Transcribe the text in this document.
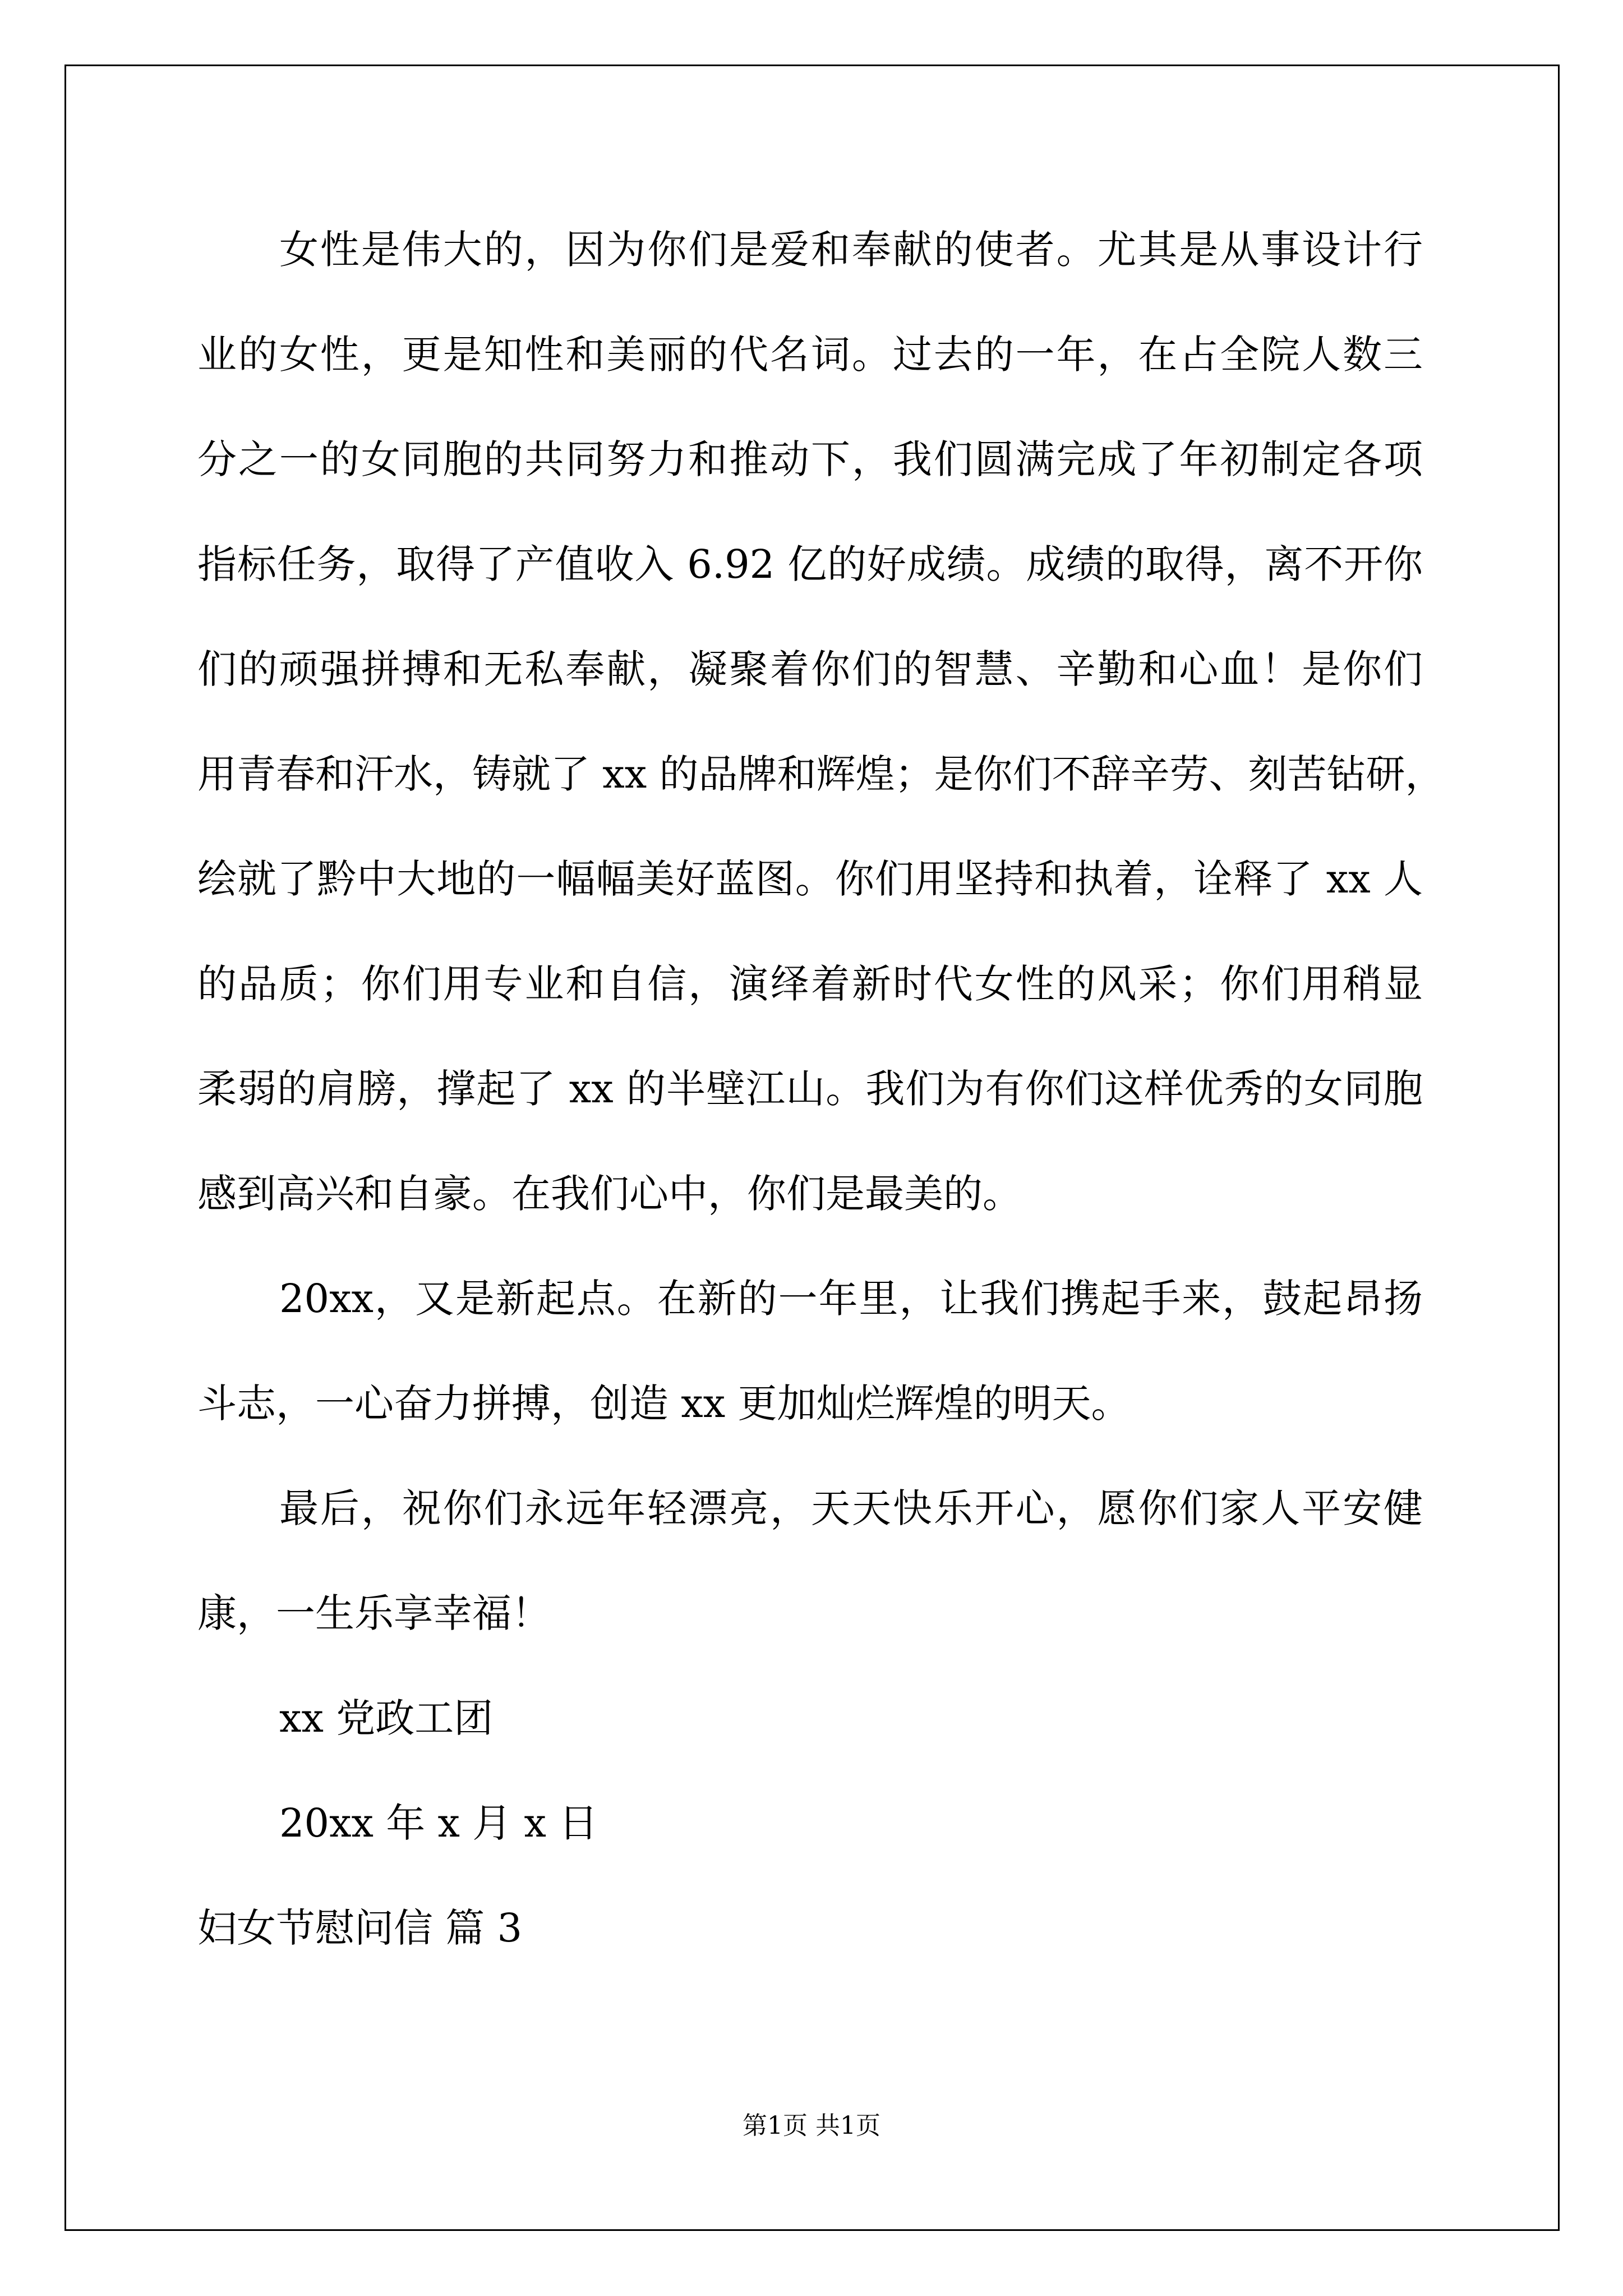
女性是伟大的，因为你们是爱和奉献的使者。尤其是从事设计行
业的女性，更是知性和美丽的代名词。过去的一年，在占全院人数三
分之一的女同胞的共同努力和推动下，我们圆满完成了年初制定各项
指标任务，取得了产值收入 6.92 亿的好成绩。成绩的取得，离不开你
们的顽强拼搏和无私奉献，凝聚着你们的智慧、辛勤和心血！是你们
用青春和汗水，铸就了 xx 的品牌和辉煌；是你们不辞辛劳、刻苦钻研，
绘就了黔中大地的一幅幅美好蓝图。你们用坚持和执着，诠释了 xx 人
的品质；你们用专业和自信，演绎着新时代女性的风采；你们用稍显
柔弱的肩膀，撑起了 xx 的半壁江山。我们为有你们这样优秀的女同胞
感到高兴和自豪。在我们心中，你们是最美的。
20xx，又是新起点。在新的一年里，让我们携起手来，鼓起昂扬
斗志，一心奋力拼搏，创造 xx 更加灿烂辉煌的明天。
最后，祝你们永远年轻漂亮，天天快乐开心，愿你们家人平安健
康，一生乐享幸福！
xx 党政工团
20xx 年 x 月 x 日
妇女节慰问信 篇 3
第1页 共1页
